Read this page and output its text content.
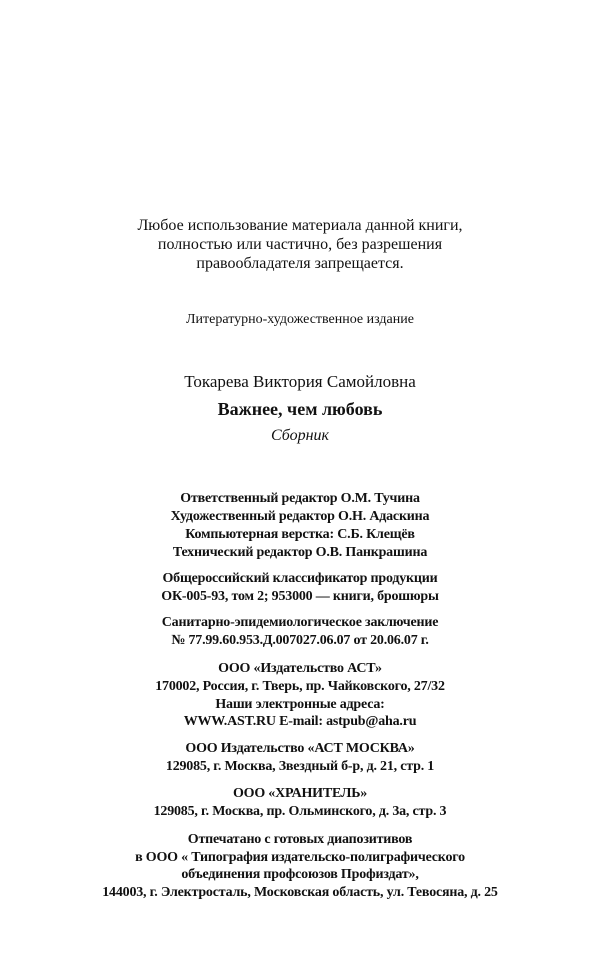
Любое использование материала данной книги,
полностью или частично, без разрешения
правообладателя запрещается.
Литературно-художественное издание
Токарева Виктория Самойловна
Важнее, чем любовь
Сборник
Ответственный редактор О.М. Тучина
Художественный редактор О.Н. Адаскина
Компьютерная верстка: С.Б. Клещёв
Технический редактор О.В. Панкрашина
Общероссийский классификатор продукции
ОК-005-93, том 2; 953000 — книги, брошюры
Санитарно-эпидемиологическое заключение
№ 77.99.60.953.Д.007027.06.07 от 20.06.07 г.
ООО «Издательство АСТ»
170002, Россия, г. Тверь, пр. Чайковского, 27/32
Наши электронные адреса:
WWW.AST.RU E-mail: astpub@aha.ru
ООО Издательство «АСТ МОСКВА»
129085, г. Москва, Звездный б-р, д. 21, стр. 1
ООО «ХРАНИТЕЛЬ»
129085, г. Москва, пр. Ольминского, д. 3а, стр. 3
Отпечатано с готовых диапозитивов
в ООО « Типография издательско-полиграфического
объединения профсоюзов Профиздат»,
144003, г. Электросталь, Московская область, ул. Тевосяна, д. 25
